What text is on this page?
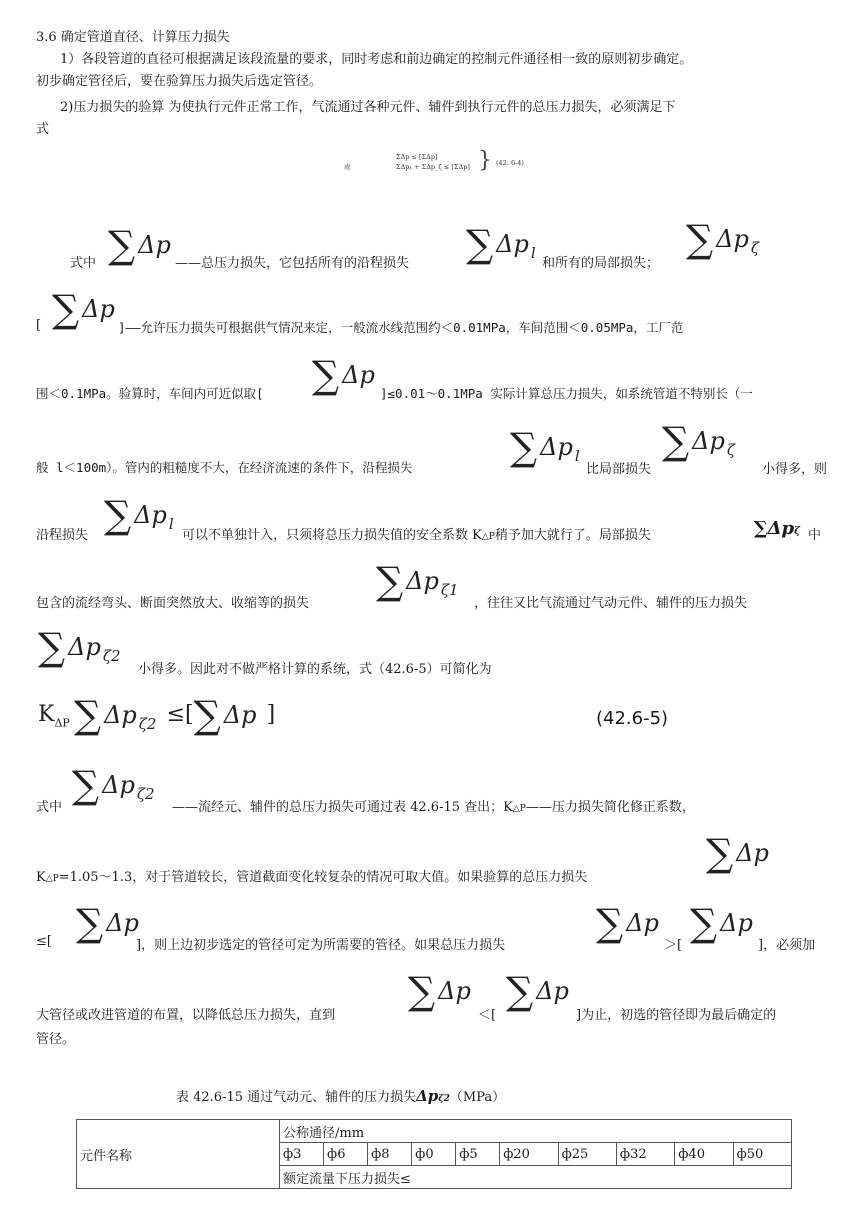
3.6 确定管道直径、计算压力损失
1）各段管道的直径可根据满足该段流量的要求，同时考虑和前边确定的控制元件通径相一致的原则初步确定。
初步确定管径后，要在验算压力损失后选定管径。
2)压力损失的验算 为使执行元件正常工作，气流通过各种元件、辅件到执行元件的总压力损失，必须满足下
式
或
ΣΔp ≤ [ΣΔp]
ΣΔp₁ + ΣΔp_ζ ≤ [ΣΔp] } (42. 6-4)
式中 ∑ Δp
——总压力损失，它包括所有的沿程损失 ∑ Δp l
和所有的局部损失；
∑ Δp ζ
[ ∑ Δp
]——允许压力损失可根据供气情况来定，一般流水线范围约＜0.01MPa，车间范围＜0.05MPa，工厂范
围＜0.1MPa。验算时，车间内可近似取[ ∑ Δp
]≤0.01～0.1MPa 实际计算总压力损失，如系统管道不特别长（一
般 l＜100m）。管内的粗糙度不大，在经济流速的条件下，沿程损失	∑ Δp l
比局部损失
∑ Δp ζ
小得多，则
沿程损失 ∑ Δp l
可以不单独计入，只须将总压力损失值的安全系数 K△P稍予加大就行了。局部损失	∑Δpζ 中
包含的流经弯头、断面突然放大、收缩等的损失
∑ Δp ζ1
，往往又比气流通过气动元件、辅件的压力损失
∑ Δp ζ2
小得多。因此对不做严格计算的系统，式（42.6-5）可简化为
$K_{\Delta P}$ ∑ Δp ζ2 ≤[∑ Δp ]	(42.6-5)
式中
∑ Δp ζ2
——流经元、辅件的总压力损失可通过表 42.6-15 查出；K△P——压力损失简化修正系数，
K△P=1.05～1.3，对于管道较长，管道截面变化较复杂的情况可取大值。如果验算的总压力损失
∑ Δp
≤[ ∑ Δp
]，则上边初步选定的管径可定为所需要的管径。如果总压力损失
∑ Δp
＞[
∑ Δp
]，必须加
大管径或改进管道的布置，以降低总压力损失，直到
∑ Δp
＜[
∑ Δp
]为止，初选的管径即为最后确定的
管径。
表 42.6-15 通过气动元、辅件的压力损失Δpζ2（MPa）
元件名称	公称通径/mm									
	ф3	ф6	ф8	ф0	ф5	ф20	ф25	ф32	ф40	ф50
	额定流量下压力损失≤									
